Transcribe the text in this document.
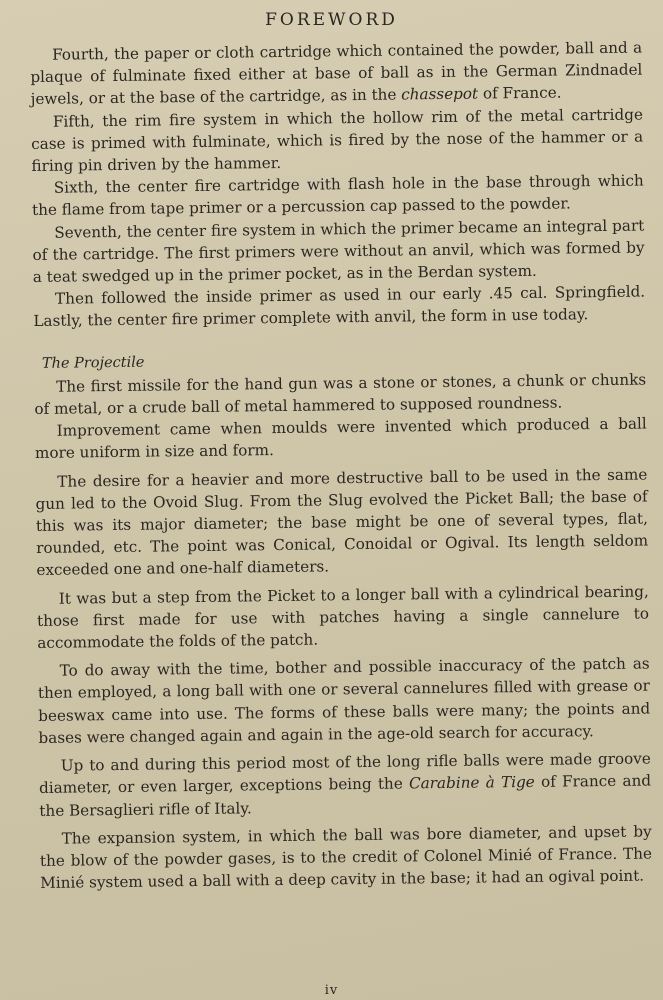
FOREWORD

Fourth, the paper or cloth cartridge which contained the powder, ball and a plaque of fulminate fixed either at base of ball as in the German Zindnadel jewels, or at the base of the cartridge, as in the chassepot of France.

Fifth, the rim fire system in which the hollow rim of the metal cartridge case is primed with fulminate, which is fired by the nose of the hammer or a firing pin driven by the hammer.

Sixth, the center fire cartridge with flash hole in the base through which the flame from tape primer or a percussion cap passed to the powder.

Seventh, the center fire system in which the primer became an integral part of the cartridge. The first primers were without an anvil, which was formed by a teat swedged up in the primer pocket, as in the Berdan system.

Then followed the inside primer as used in our early .45 cal. Springfield. Lastly, the center fire primer complete with anvil, the form in use today.

The Projectile

The first missile for the hand gun was a stone or stones, a chunk or chunks of metal, or a crude ball of metal hammered to supposed roundness.

Improvement came when moulds were invented which produced a ball more uniform in size and form.

The desire for a heavier and more destructive ball to be used in the same gun led to the Ovoid Slug. From the Slug evolved the Picket Ball; the base of this was its major diameter; the base might be one of several types, flat, rounded, etc. The point was Conical, Conoidal or Ogival. Its length seldom exceeded one and one-half diameters.

It was but a step from the Picket to a longer ball with a cylindrical bearing, those first made for use with patches having a single cannelure to accommodate the folds of the patch.

To do away with the time, bother and possible inaccuracy of the patch as then employed, a long ball with one or several cannelures filled with grease or beeswax came into use. The forms of these balls were many; the points and bases were changed again and again in the age-old search for accuracy.

Up to and during this period most of the long rifle balls were made groove diameter, or even larger, exceptions being the Carabine à Tige of France and the Bersaglieri rifle of Italy.

The expansion system, in which the ball was bore diameter, and upset by the blow of the powder gases, is to the credit of Colonel Minié of France. The Minié system used a ball with a deep cavity in the base; it had an ogival point.

iv
